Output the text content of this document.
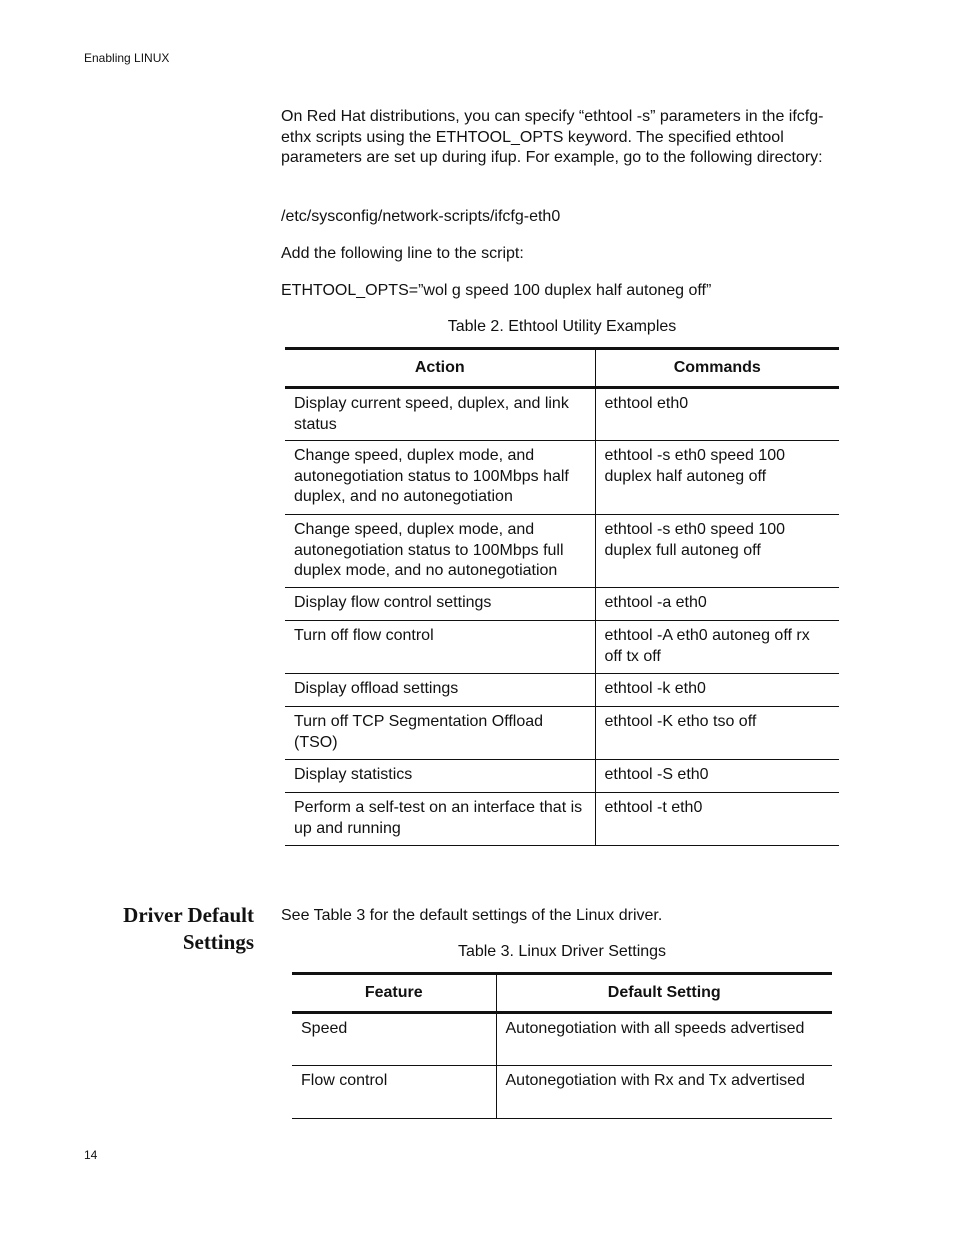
Enabling LINUX

On Red Hat distributions, you can specify “ethtool -s” parameters in the ifcfg-ethx scripts using the ETHTOOL_OPTS keyword. The specified ethtool parameters are set up during ifup. For example, go to the following directory:

/etc/sysconfig/network-scripts/ifcfg-eth0

Add the following line to the script:

ETHTOOL_OPTS=”wol g speed 100 duplex half autoneg off”

Table 2. Ethtool Utility Examples
Action	Commands
Display current speed, duplex, and link status	ethtool eth0
Change speed, duplex mode, and autonegotiation status to 100Mbps half duplex, and no autonegotiation	ethtool -s eth0 speed 100 duplex half autoneg off
Change speed, duplex mode, and autonegotiation status to 100Mbps full duplex mode, and no autonegotiation	ethtool -s eth0 speed 100 duplex full autoneg off
Display flow control settings	ethtool -a eth0
Turn off flow control	ethtool -A eth0 autoneg off rx off tx off
Display offload settings	ethtool -k eth0
Turn off TCP Segmentation Offload (TSO)	ethtool -K etho tso off
Display statistics	ethtool -S eth0
Perform a self-test on an interface that is up and running	ethtool -t eth0
Driver Default
Settings

See Table 3 for the default settings of the Linux driver.

Table 3. Linux Driver Settings
Feature	Default Setting
Speed	Autonegotiation with all speeds advertised
Flow control	Autonegotiation with Rx and Tx advertised
14
